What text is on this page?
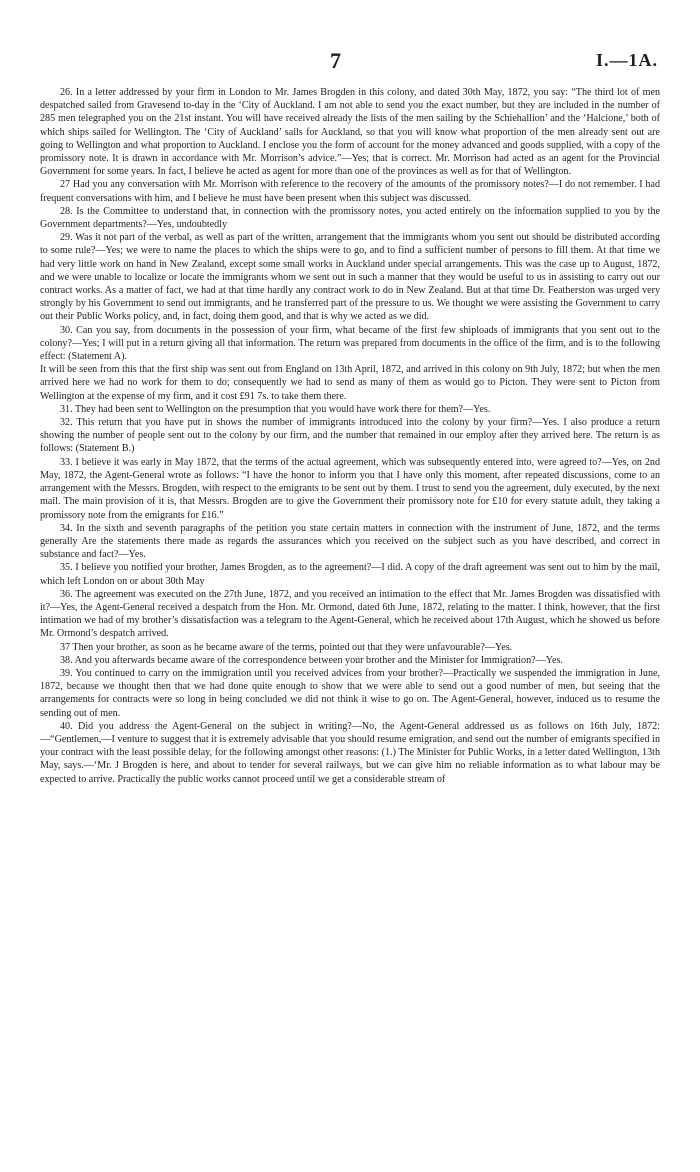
7	I.—1A.

26. In a letter addressed by your firm in London to Mr. James Brogden in this colony, and dated 30th May, 1872, you say: “The third lot of men despatched sailed from Gravesend to-day in the ‘City of Auckland. I am not able to send you the exact number, but they are included in the number of 285 men telegraphed you on the 21st instant. You will have received already the lists of the men sailing by the Schiehallion’ and the ‘Halcione,’ both of which ships sailed for Wellington. The ‘City of Auckland’ sails for Auckland, so that you will know what proportion of the men already sent out are going to Wellington and what proportion to Auckland. I enclose you the form of account for the money advanced and goods supplied, with a copy of the promissory note. It is drawn in accordance with Mr. Morrison’s advice.”—Yes; that is correct. Mr. Morrison had acted as an agent for the Provincial Government for some years. In fact, I believe he acted as agent for more than one of the provinces as well as for that of Wellington.

27 Had you any conversation with Mr. Morrison with reference to the recovery of the amounts of the promissory notes?—I do not remember. I had frequent conversations with him, and I believe he must have been present when this subject was discussed.

28. Is the Committee to understand that, in connection with the promissory notes, you acted entirely on the information supplied to you by the Government departments?—Yes, undoubtedly

29. Was it not part of the verbal, as well as part of the written, arrangement that the immigrants whom you sent out should be distributed according to some rule?—Yes; we were to name the places to which the ships were to go, and to find a sufficient number of persons to fill them. At that time we had very little work on hand in New Zealand, except some small works in Auckland under special arrangements. This was the case up to August, 1872, and we were unable to localize or locate the immigrants whom we sent out in such a manner that they would be useful to us in assisting to carry out our contract works. As a matter of fact, we had at that time hardly any contract work to do in New Zealand. But at that time Dr. Featherston was urged very strongly by his Government to send out immigrants, and he transferred part of the pressure to us. We thought we were assisting the Government to carry out their Public Works policy, and, in fact, doing them good, and that is why we acted as we did.

30. Can you say, from documents in the possession of your firm, what became of the first few shiploads of immigrants that you sent out to the colony?—Yes; I will put in a return giving all that information. The return was prepared from documents in the office of the firm, and is to the following effect: (Statement A).

It will be seen from this that the first ship was sent out from England on 13th April, 1872, and arrived in this colony on 9th July, 1872; but when the men arrived here we had no work for them to do; consequently we had to send as many of them as would go to Picton. They were sent to Picton from Wellington at the expense of my firm, and it cost £91 7s. to take them there.

31. They had been sent to Wellington on the presumption that you would have work there for them?—Yes.

32. This return that you have put in shows the number of immigrants introduced into the colony by your firm?—Yes. I also produce a return showing the number of people sent out to the colony by our firm, and the number that remained in our employ after they arrived here. The return is as follows: (Statement B.)

33. I believe it was early in May 1872, that the terms of the actual agreement, which was subsequently entered into, were agreed to?—Yes, on 2nd May, 1872, the Agent-General wrote as follows: “I have the honor to inform you that I have only this moment, after repeated discussions, come to an arrangement with the Messrs. Brogden, with respect to the emigrants to be sent out by them. I trust to send you the agreement, duly executed, by the next mail. The main provision of it is, that Messrs. Brogden are to give the Government their promissory note for £10 for every statute adult, they taking a promissory note from the emigrants for £16.”

34. In the sixth and seventh paragraphs of the petition you state certain matters in connection with the instrument of June, 1872, and the terms generally Are the statements there made as regards the assurances which you received on the subject such as you have described, and correct in substance and fact?—Yes.

35. I believe you notified your brother, James Brogden, as to the agreement?—I did. A copy of the draft agreement was sent out to him by the mail, which left London on or about 30th May

36. The agreement was executed on the 27th June, 1872, and you received an intimation to the effect that Mr. James Brogden was dissatisfied with it?—Yes, the Agent-General received a despatch from the Hon. Mr. Ormond, dated 6th June, 1872, relating to the matter. I think, however, that the first intimation we had of my brother’s dissatisfaction was a telegram to the Agent-General, which he received about 17th August, which he showed us before Mr. Ormond’s despatch arrived.

37 Then your brother, as soon as he became aware of the terms, pointed out that they were unfavourable?—Yes.

38. And you afterwards became aware of the correspondence between your brother and the Minister for Immigration?—Yes.

39. You continued to carry on the immigration until you received advices from your brother?—Practically we suspended the immigration in June, 1872, because we thought then that we had done quite enough to show that we were able to send out a good number of men, but seeing that the arrangements for contracts were so long in being concluded we did not think it wise to go on. The Agent-General, however, induced us to resume the sending out of men.

40. Did you address the Agent-General on the subject in writing?—No, the Agent-General addressed us as follows on 16th July, 1872:—“Gentlemen,—I venture to suggest that it is extremely advisable that you should resume emigration, and send out the number of emigrants specified in your contract with the least possible delay, for the following amongst other reasons: (1.) The Minister for Public Works, in a letter dated Wellington, 13th May, says.—‘Mr. J Brogden is here, and about to tender for several railways, but we can give him no reliable information as to what labour may be expected to arrive. Practically the public works cannot proceed until we get a considerable stream of
